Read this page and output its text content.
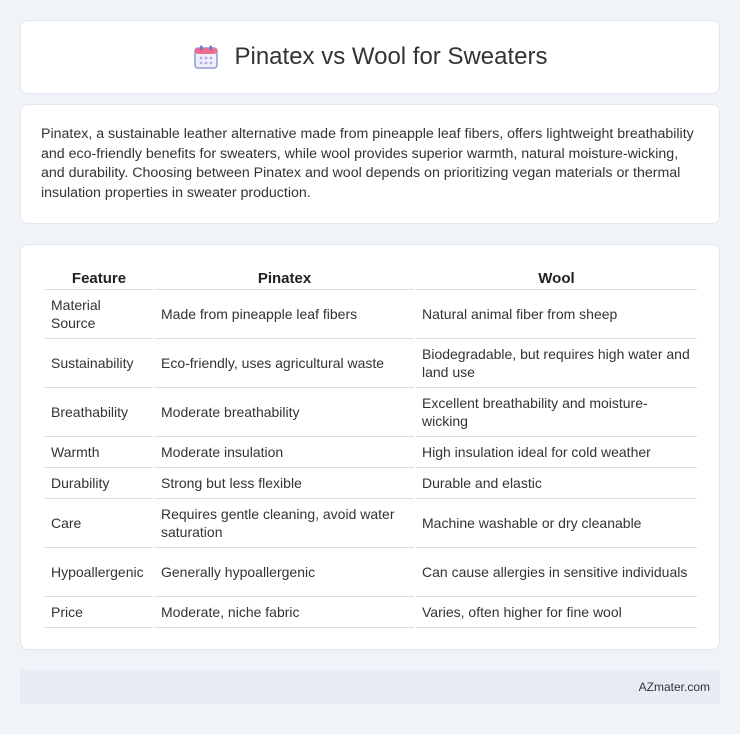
Pinatex vs Wool for Sweaters

Pinatex, a sustainable leather alternative made from pineapple leaf fibers, offers lightweight breathability and eco-friendly benefits for sweaters, while wool provides superior warmth, natural moisture-wicking, and durability. Choosing between Pinatex and wool depends on prioritizing vegan materials or thermal insulation properties in sweater production.

Feature	Pinatex	Wool
Material Source	Made from pineapple leaf fibers	Natural animal fiber from sheep
Sustainability	Eco-friendly, uses agricultural waste	Biodegradable, but requires high water and land use
Breathability	Moderate breathability	Excellent breathability and moisture-wicking
Warmth	Moderate insulation	High insulation ideal for cold weather
Durability	Strong but less flexible	Durable and elastic
Care	Requires gentle cleaning, avoid water saturation	Machine washable or dry cleanable
Hypoallergenic	Generally hypoallergenic	Can cause allergies in sensitive individuals
Price	Moderate, niche fabric	Varies, often higher for fine wool
AZmater.com
